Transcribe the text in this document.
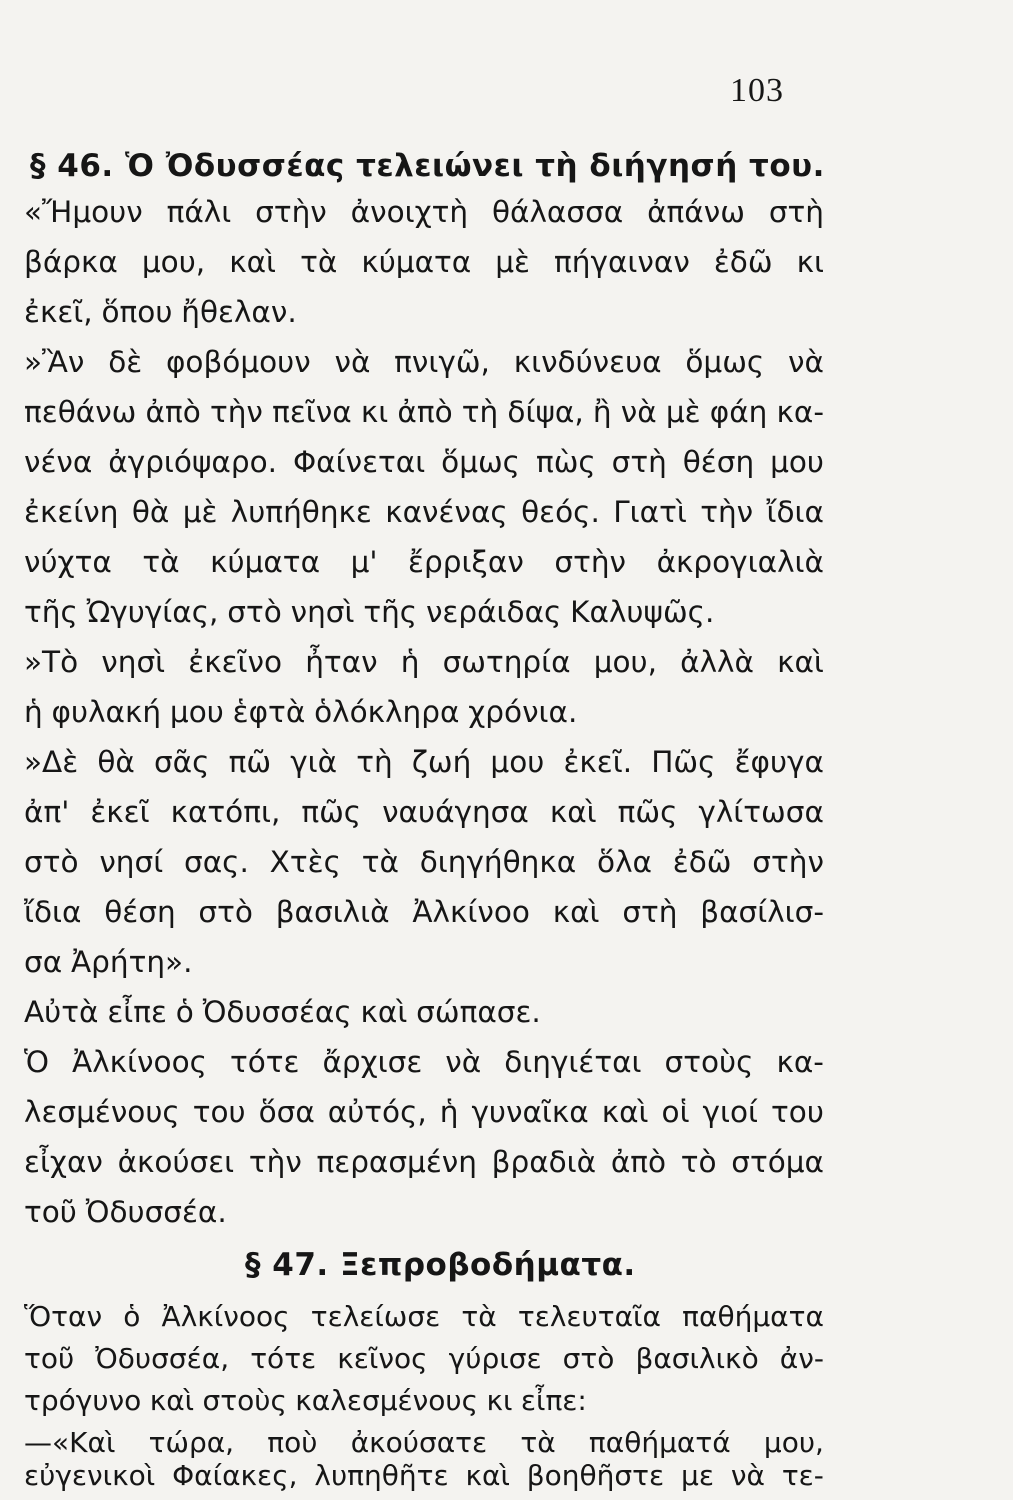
103
§ 46. Ὁ Ὀδυσσέας τελειώνει τὴ διήγησή του.
«Ἤμουν πάλι στὴν ἀνοιχτὴ θάλασσα ἀπάνω στὴ
βάρκα μου, καὶ τὰ κύματα μὲ πήγαιναν ἐδῶ κι
ἐκεῖ, ὅπου ἤθελαν.
»Ἂν δὲ φοβόμουν νὰ πνιγῶ, κινδύνευα ὅμως νὰ
πεθάνω ἀπὸ τὴν πεῖνα κι ἀπὸ τὴ δίψα, ἢ νὰ μὲ φάη κα-
νένα ἀγριόψαρο. Φαίνεται ὅμως πὼς στὴ θέση μου
ἐκείνη θὰ μὲ λυπήθηκε κανένας θεός. Γιατὶ τὴν ἴδια
νύχτα τὰ κύματα μ' ἔρριξαν στὴν ἀκρογιαλιὰ
τῆς Ὠγυγίας, στὸ νησὶ τῆς νεράιδας Καλυψῶς.
»Τὸ νησὶ ἐκεῖνο ἦταν ἡ σωτηρία μου, ἀλλὰ καὶ
ἡ φυλακή μου ἑφτὰ ὁλόκληρα χρόνια.
»Δὲ θὰ σᾶς πῶ γιὰ τὴ ζωή μου ἐκεῖ. Πῶς ἔφυγα
ἀπ' ἐκεῖ κατόπι, πῶς ναυάγησα καὶ πῶς γλίτωσα
στὸ νησί σας. Χτὲς τὰ διηγήθηκα ὅλα ἐδῶ στὴν
ἴδια θέση στὸ βασιλιὰ Ἀλκίνοο καὶ στὴ βασίλισ-
σα Ἀρήτη».
Αὐτὰ εἶπε ὁ Ὀδυσσέας καὶ σώπασε.
Ὁ Ἀλκίνοος τότε ἄρχισε νὰ διηγιέται στοὺς κα-
λεσμένους του ὅσα αὐτός, ἡ γυναῖκα καὶ οἱ γιοί του
εἶχαν ἀκούσει τὴν περασμένη βραδιὰ ἀπὸ τὸ στόμα
τοῦ Ὀδυσσέα.
§ 47. Ξεπροβοδήματα.
Ὅταν ὁ Ἀλκίνοος τελείωσε τὰ τελευταῖα παθήματα
τοῦ Ὀδυσσέα, τότε κεῖνος γύρισε στὸ βασιλικὸ ἀν-
τρόγυνο καὶ στοὺς καλεσμένους κι εἶπε:
—«Καὶ τώρα, ποὺ ἀκούσατε τὰ παθήματά μου,
εὐγενικοὶ Φαίακες, λυπηθῆτε καὶ βοηθῆστε με νὰ τε-
